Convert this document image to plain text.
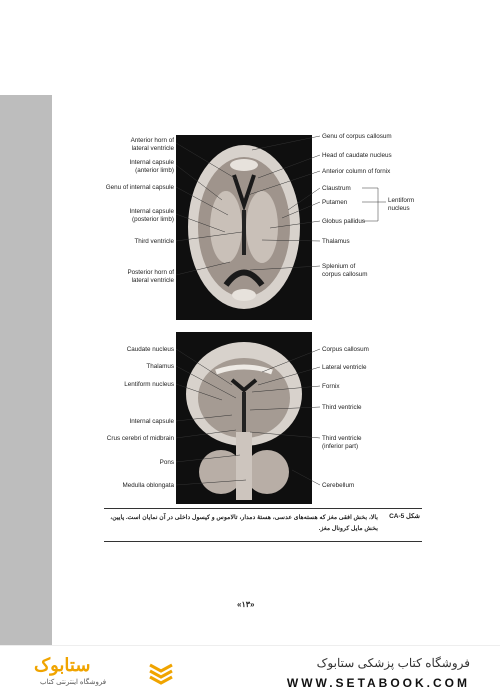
Anterior horn of
lateral ventricle
Internal capsule
(anterior limb)
Genu of internal capsule
Internal capsule
(posterior limb)
Third ventricle
Posterior horn of
lateral ventricle
Genu of corpus callosum
Head of caudate nucleus
Anterior column of fornix
Claustrum
Putamen
Globus pallidus
Thalamus
Splenium of
corpus callosum
Lentiform
nucleus
Caudate nucleus
Thalamus
Lentiform nucleus
Internal capsule
Crus cerebri of midbrain
Pons
Medulla oblongata
Corpus callosum
Lateral ventricle
Fornix
Third ventricle
Third ventricle
(inferior part)
Cerebellum
شکل CA-5
بالا، بخش افقی مغز که هسته‌های عدسی، هستهٔ دمدار، تالاموس و کپسول داخلی در آن نمایان است. پایین، بخش مایل کرونال مغز.
«۱۳»
ستابوک
فروشگاه اینترنتی کتاب
فروشگاه کتاب پزشکی ستابوک
WWW.SETABOOK.COM
